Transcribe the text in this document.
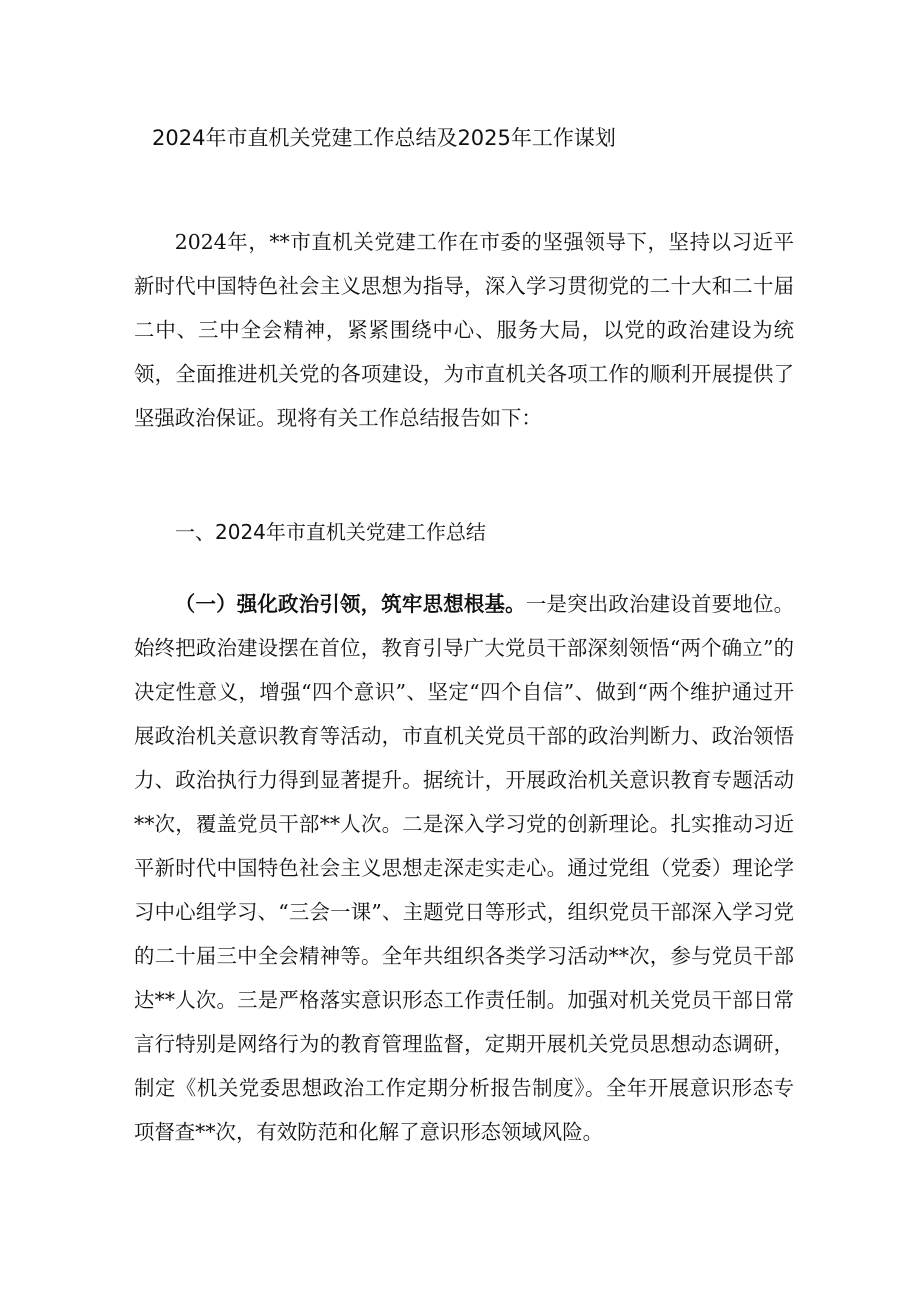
2024年市直机关党建工作总结及2025年工作谋划

2024年，**市直机关党建工作在市委的坚强领导下，坚持以习近平新时代中国特色社会主义思想为指导，深入学习贯彻党的二十大和二十届二中、三中全会精神，紧紧围绕中心、服务大局，以党的政治建设为统领，全面推进机关党的各项建设，为市直机关各项工作的顺利开展提供了坚强政治保证。现将有关工作总结报告如下：

一、2024年市直机关党建工作总结

（一）强化政治引领，筑牢思想根基。一是突出政治建设首要地位。始终把政治建设摆在首位，教育引导广大党员干部深刻领悟“两个确立”的决定性意义，增强“四个意识”、坚定“四个自信”、做到“两个维护通过开展政治机关意识教育等活动，市直机关党员干部的政治判断力、政治领悟力、政治执行力得到显著提升。据统计，开展政治机关意识教育专题活动**次，覆盖党员干部**人次。二是深入学习党的创新理论。扎实推动习近平新时代中国特色社会主义思想走深走实走心。通过党组（党委）理论学习中心组学习、“三会一课”、主题党日等形式，组织党员干部深入学习党的二十届三中全会精神等。全年共组织各类学习活动**次，参与党员干部达**人次。三是严格落实意识形态工作责任制。加强对机关党员干部日常言行特别是网络行为的教育管理监督，定期开展机关党员思想动态调研，制定《机关党委思想政治工作定期分析报告制度》。全年开展意识形态专项督查**次，有效防范和化解了意识形态领域风险。
